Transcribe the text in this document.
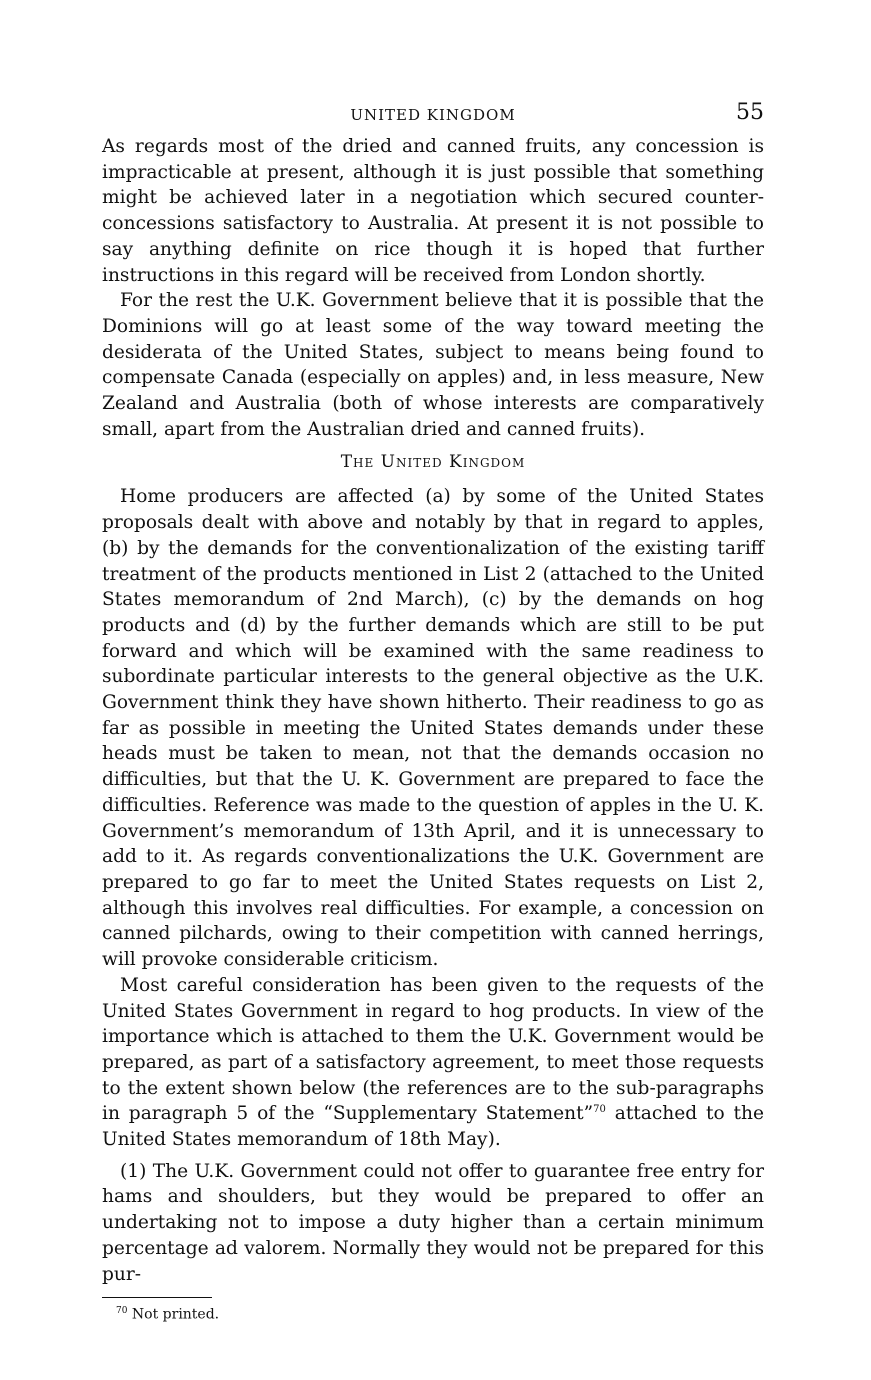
UNITED KINGDOM	55

As regards most of the dried and canned fruits, any concession is impracticable at present, although it is just possible that something might be achieved later in a negotiation which secured counter-concessions satisfactory to Australia. At present it is not possible to say anything definite on rice though it is hoped that further instructions in this regard will be received from London shortly.

For the rest the U.K. Government believe that it is possible that the Dominions will go at least some of the way toward meeting the desiderata of the United States, subject to means being found to compensate Canada (especially on apples) and, in less measure, New Zealand and Australia (both of whose interests are comparatively small, apart from the Australian dried and canned fruits).

The United Kingdom

Home producers are affected (a) by some of the United States proposals dealt with above and notably by that in regard to apples, (b) by the demands for the conventionalization of the existing tariff treatment of the products mentioned in List 2 (attached to the United States memorandum of 2nd March), (c) by the demands on hog products and (d) by the further demands which are still to be put forward and which will be examined with the same readiness to subordinate particular interests to the general objective as the U.K. Government think they have shown hitherto. Their readiness to go as far as possible in meeting the United States demands under these heads must be taken to mean, not that the demands occasion no difficulties, but that the U. K. Government are prepared to face the difficulties. Reference was made to the question of apples in the U. K. Government’s memorandum of 13th April, and it is unnecessary to add to it. As regards conventionalizations the U.K. Government are prepared to go far to meet the United States requests on List 2, although this involves real difficulties. For example, a concession on canned pilchards, owing to their competition with canned herrings, will provoke considerable criticism.

Most careful consideration has been given to the requests of the United States Government in regard to hog products. In view of the importance which is attached to them the U.K. Government would be prepared, as part of a satisfactory agreement, to meet those requests to the extent shown below (the references are to the sub-paragraphs in paragraph 5 of the “Supplementary Statement”$^{70}$ attached to the United States memorandum of 18th May).

(1) The U.K. Government could not offer to guarantee free entry for hams and shoulders, but they would be prepared to offer an undertaking not to impose a duty higher than a certain minimum percentage ad valorem. Normally they would not be prepared for this pur-

$^{70}$ Not printed.
